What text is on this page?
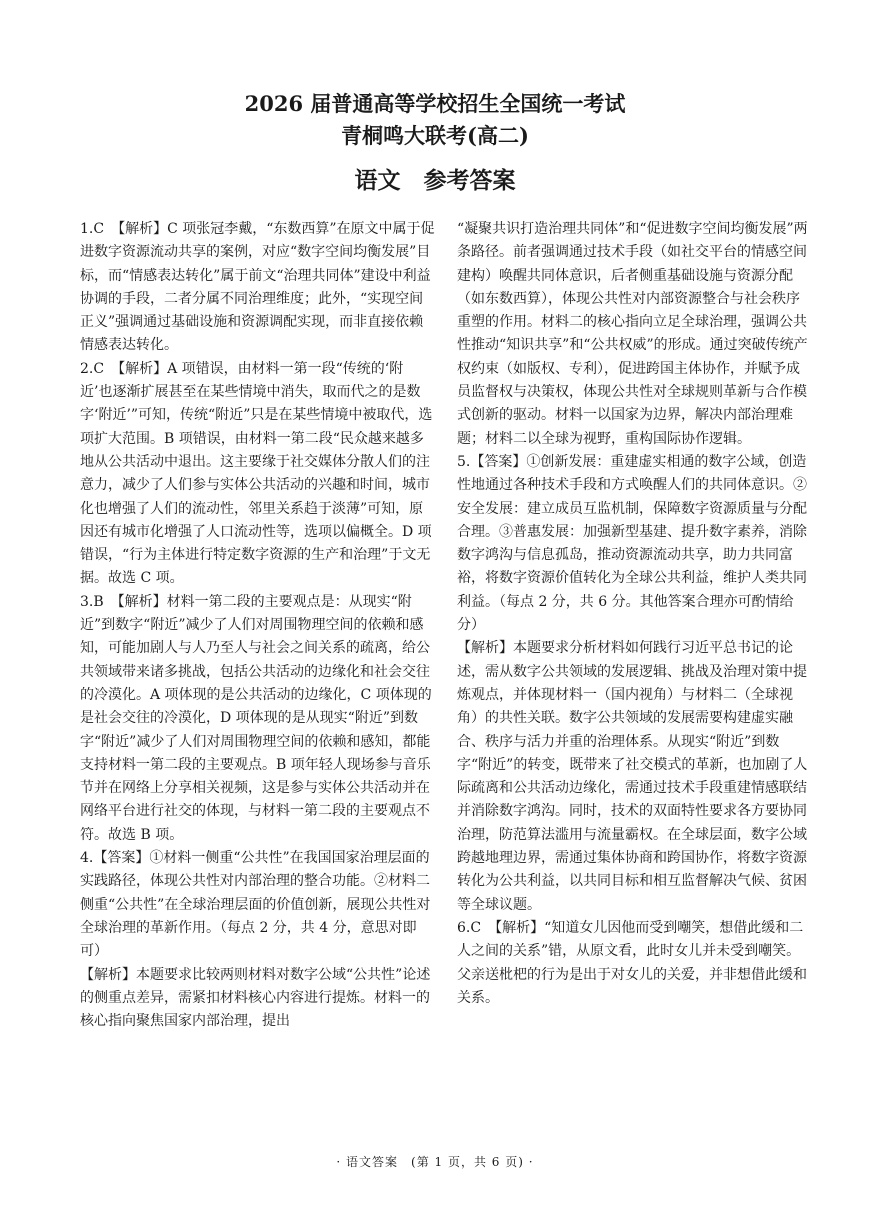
2026 届普通高等学校招生全国统一考试
青桐鸣大联考(高二)
语文　参考答案

1.C　【解析】C 项张冠李戴，“东数西算”在原文中属于促进数字资源流动共享的案例，对应“数字空间均衡发展”目标，而“情感表达转化”属于前文“治理共同体”建设中利益协调的手段，二者分属不同治理维度；此外，“实现空间正义”强调通过基础设施和资源调配实现，而非直接依赖情感表达转化。

2.C　【解析】A 项错误，由材料一第一段“传统的‘附近’也逐渐扩展甚至在某些情境中消失，取而代之的是数字‘附近’”可知，传统“附近”只是在某些情境中被取代，选项扩大范围。B 项错误，由材料一第二段“民众越来越多地从公共活动中退出。这主要缘于社交媒体分散人们的注意力，减少了人们参与实体公共活动的兴趣和时间，城市化也增强了人们的流动性，邻里关系趋于淡薄”可知，原因还有城市化增强了人口流动性等，选项以偏概全。D 项错误，“行为主体进行特定数字资源的生产和治理”于文无据。故选 C 项。

3.B　【解析】材料一第二段的主要观点是：从现实“附近”到数字“附近”减少了人们对周围物理空间的依赖和感知，可能加剧人与人乃至人与社会之间关系的疏离，给公共领域带来诸多挑战，包括公共活动的边缘化和社会交往的冷漠化。A 项体现的是公共活动的边缘化，C 项体现的是社会交往的冷漠化，D 项体现的是从现实“附近”到数字“附近”减少了人们对周围物理空间的依赖和感知，都能支持材料一第二段的主要观点。B 项年轻人现场参与音乐节并在网络上分享相关视频，这是参与实体公共活动并在网络平台进行社交的体现，与材料一第二段的主要观点不符。故选 B 项。

4.【答案】①材料一侧重“公共性”在我国国家治理层面的实践路径，体现公共性对内部治理的整合功能。②材料二侧重“公共性”在全球治理层面的价值创新，展现公共性对全球治理的革新作用。（每点 2 分，共 4 分，意思对即可）

【解析】本题要求比较两则材料对数字公域“公共性”论述的侧重点差异，需紧扣材料核心内容进行提炼。材料一的核心指向聚焦国家内部治理，提出

“凝聚共识打造治理共同体”和“促进数字空间均衡发展”两条路径。前者强调通过技术手段（如社交平台的情感空间建构）唤醒共同体意识，后者侧重基础设施与资源分配（如东数西算），体现公共性对内部资源整合与社会秩序重塑的作用。材料二的核心指向立足全球治理，强调公共性推动“知识共享”和“公共权威”的形成。通过突破传统产权约束（如版权、专利），促进跨国主体协作，并赋予成员监督权与决策权，体现公共性对全球规则革新与合作模式创新的驱动。材料一以国家为边界，解决内部治理难题；材料二以全球为视野，重构国际协作逻辑。

5.【答案】①创新发展：重建虚实相通的数字公域，创造性地通过各种技术手段和方式唤醒人们的共同体意识。②安全发展：建立成员互监机制，保障数字资源质量与分配合理。③普惠发展：加强新型基建、提升数字素养，消除数字鸿沟与信息孤岛，推动资源流动共享，助力共同富裕，将数字资源价值转化为全球公共利益，维护人类共同利益。（每点 2 分，共 6 分。其他答案合理亦可酌情给分）

【解析】本题要求分析材料如何践行习近平总书记的论述，需从数字公共领域的发展逻辑、挑战及治理对策中提炼观点，并体现材料一（国内视角）与材料二（全球视角）的共性关联。数字公共领域的发展需要构建虚实融合、秩序与活力并重的治理体系。从现实“附近”到数字“附近”的转变，既带来了社交模式的革新，也加剧了人际疏离和公共活动边缘化，需通过技术手段重建情感联结并消除数字鸿沟。同时，技术的双面特性要求各方要协同治理，防范算法滥用与流量霸权。在全球层面，数字公域跨越地理边界，需通过集体协商和跨国协作，将数字资源转化为公共利益，以共同目标和相互监督解决气候、贫困等全球议题。

6.C　【解析】“知道女儿因他而受到嘲笑，想借此缓和二人之间的关系”错，从原文看，此时女儿并未受到嘲笑。父亲送枇杷的行为是出于对女儿的关爱，并非想借此缓和关系。

· 语文答案　(第 1 页，共 6 页) ·
